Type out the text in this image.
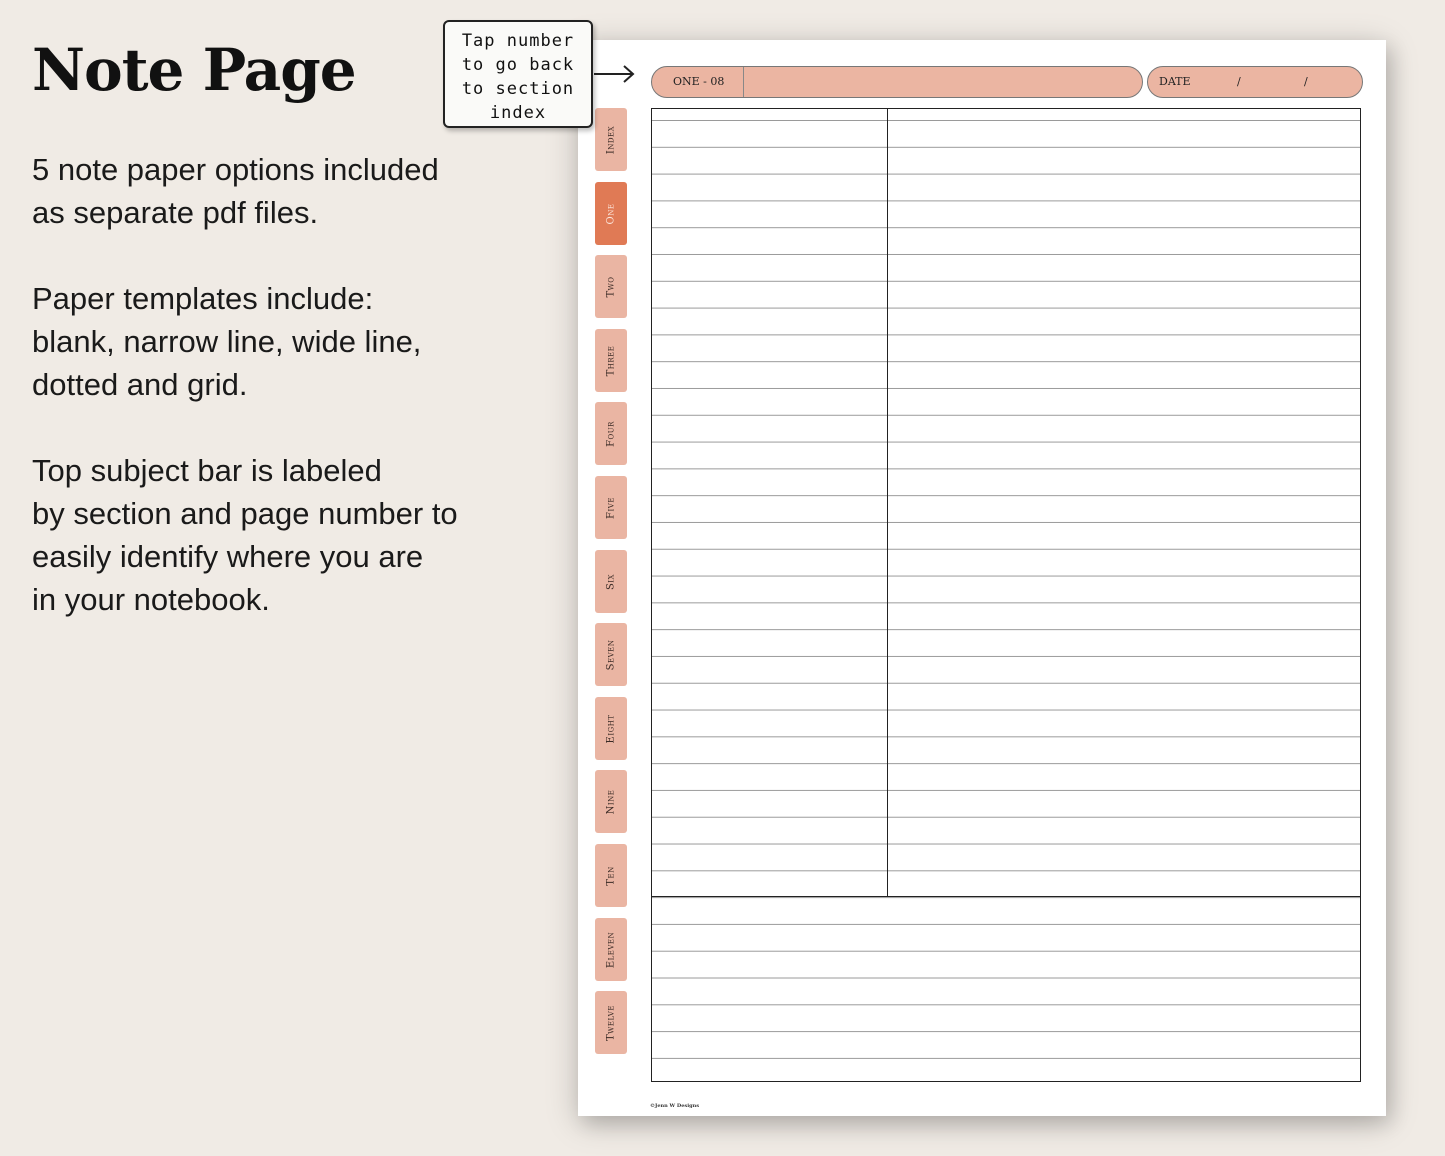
Note Page
5 note paper options included
as separate pdf files.
Paper templates include:
blank, narrow line, wide line,
dotted and grid.
Top subject bar is labeled
by section and page number to
easily identify where you are
in your notebook.
Index
One
Two
Three
Four
Five
Six
Seven
Eight
Nine
Ten
Eleven
Twelve
ONE - 08	DATE	/	/
©Jenn W Designs
Tap number
to go back
to section
index
